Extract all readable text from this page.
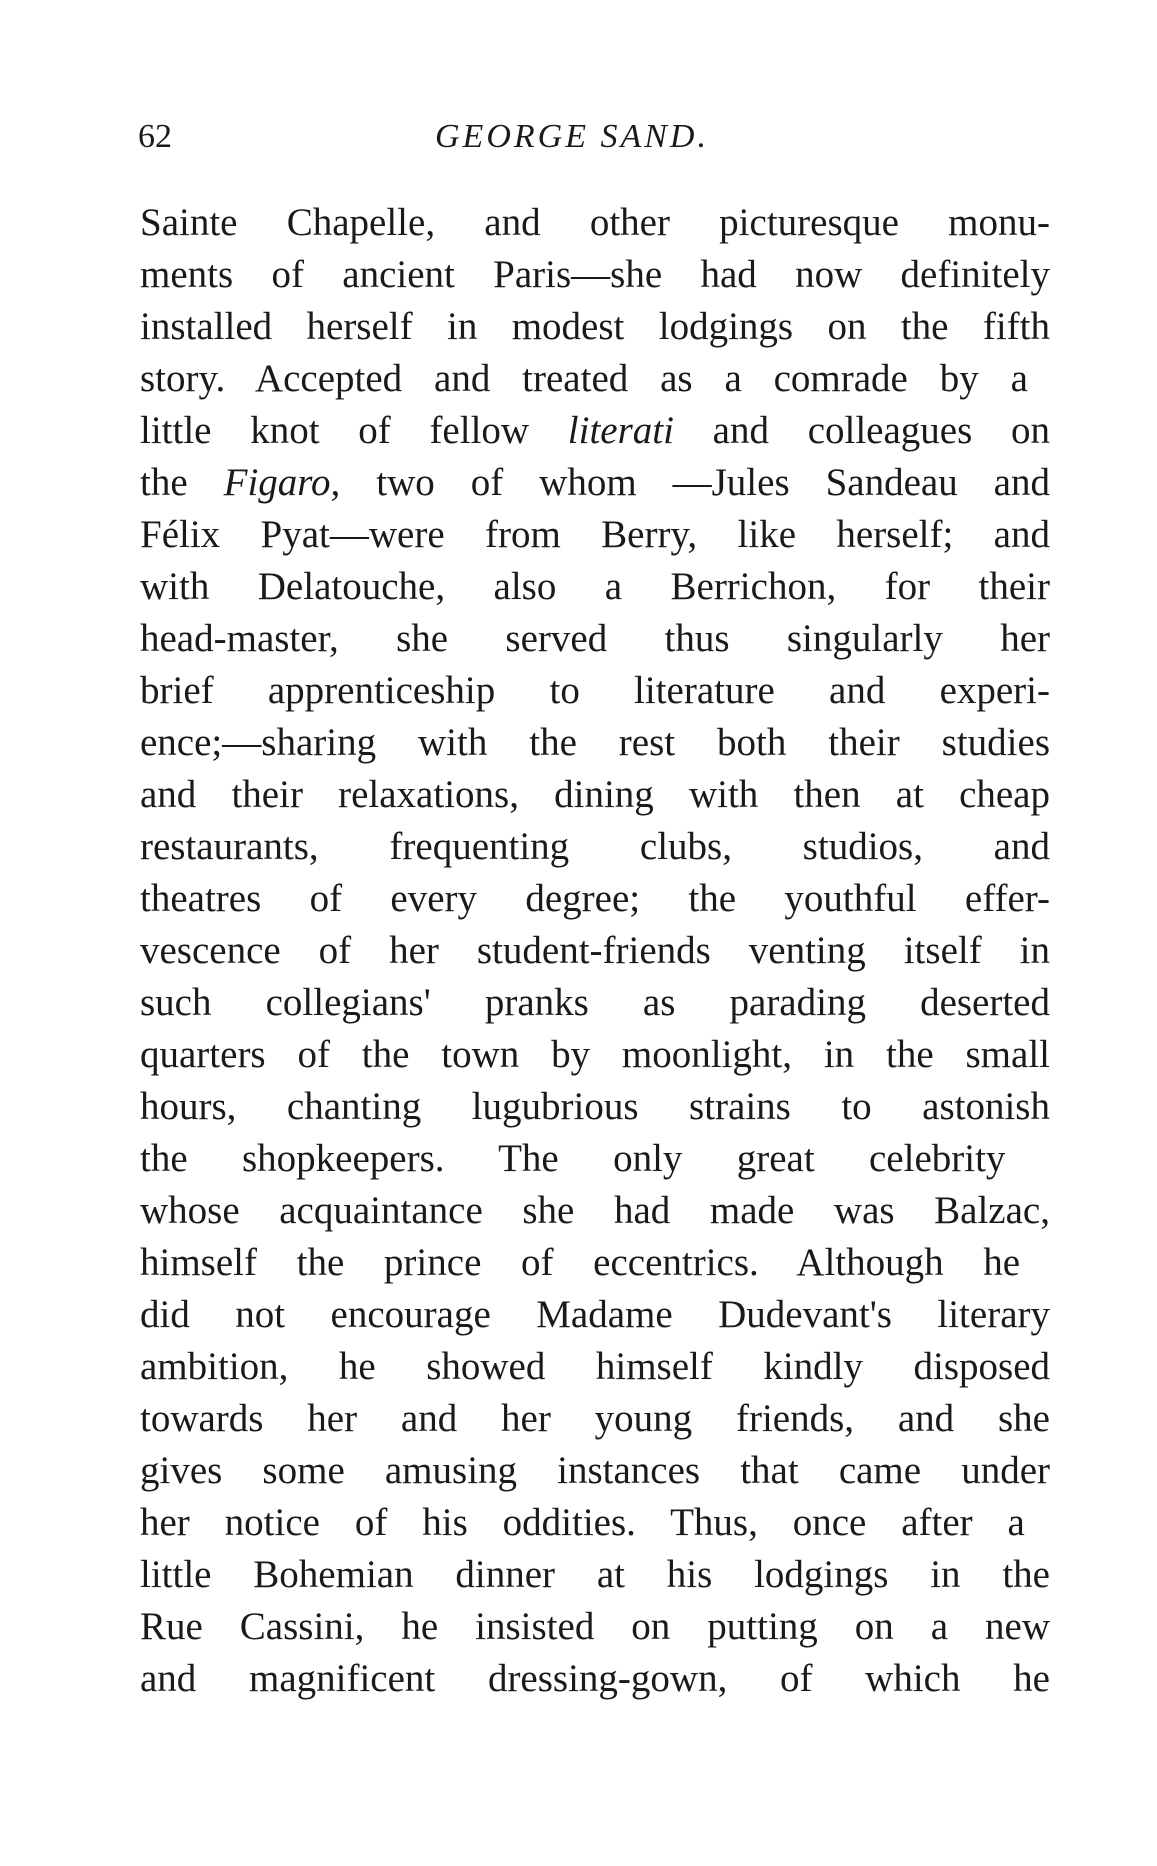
62	GEORGE SAND.
Sainte Chapelle, and other picturesque monu-
ments of ancient Paris—she had now definitely
installed herself in modest lodgings on the fifth
story. Accepted and treated as a comrade by a
little knot of fellow literati and colleagues on
the Figaro, two of whom —Jules Sandeau and
Félix Pyat—were from Berry, like herself; and
with Delatouche, also a Berrichon, for their
head-master, she served thus singularly her
brief apprenticeship to literature and experi-
ence;—sharing with the rest both their studies
and their relaxations, dining with then at cheap
restaurants, frequenting clubs, studios, and
theatres of every degree; the youthful effer-
vescence of her student-friends venting itself in
such collegians' pranks as parading deserted
quarters of the town by moonlight, in the small
hours, chanting lugubrious strains to astonish
the shopkeepers. The only great celebrity
whose acquaintance she had made was Balzac,
himself the prince of eccentrics. Although he
did not encourage Madame Dudevant's literary
ambition, he showed himself kindly disposed
towards her and her young friends, and she
gives some amusing instances that came under
her notice of his oddities. Thus, once after a
little Bohemian dinner at his lodgings in the
Rue Cassini, he insisted on putting on a new
and magnificent dressing-gown, of which he
